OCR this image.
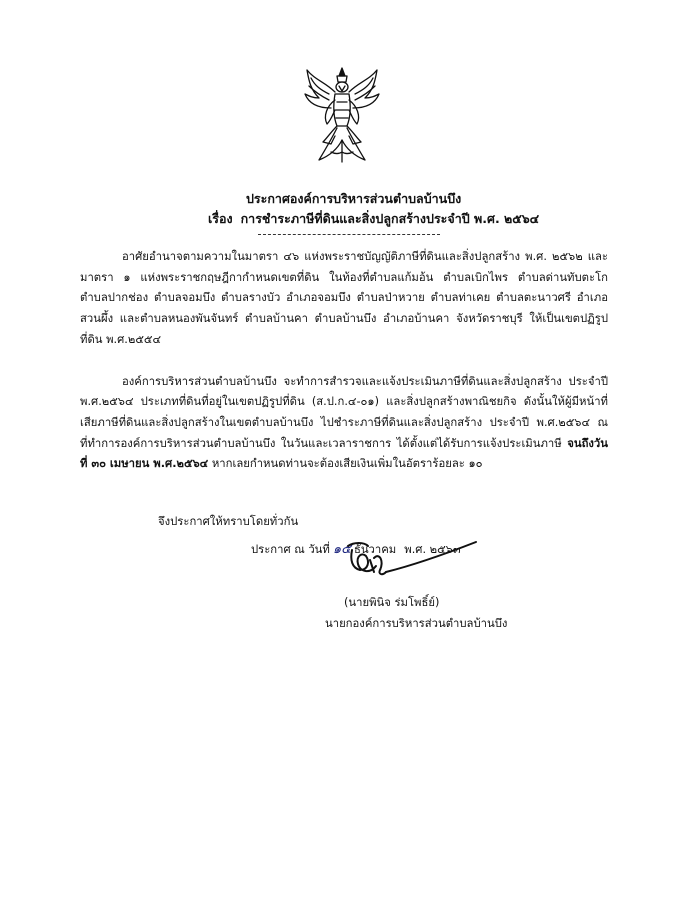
ประกาศองค์การบริหารส่วนตำบลบ้านบึง
เรื่อง การชำระภาษีที่ดินและสิ่งปลูกสร้างประจำปี พ.ศ. ๒๕๖๔

อาศัยอำนาจตามความในมาตรา ๔๖ แห่งพระราชบัญญัติภาษีที่ดินและสิ่งปลูกสร้าง พ.ศ. ๒๕๖๒ และมาตรา ๑ แห่งพระราชกฤษฎีกากำหนดเขตที่ดิน ในท้องที่ตำบลแก้มอ้น ตำบลเบิกไพร ตำบลด่านทับตะโก ตำบลปากช่อง ตำบลจอมบึง ตำบลรางบัว อำเภอจอมบึง ตำบลป่าหวาย ตำบลท่าเคย ตำบลตะนาวศรี อำเภอสวนผึ้ง และตำบลหนองพันจันทร์ ตำบลบ้านคา ตำบลบ้านบึง อำเภอบ้านคา จังหวัดราชบุรี ให้เป็นเขตปฏิรูปที่ดิน พ.ศ.๒๕๕๔

องค์การบริหารส่วนตำบลบ้านบึง จะทำการสำรวจและแจ้งประเมินภาษีที่ดินและสิ่งปลูกสร้าง ประจำปี พ.ศ.๒๕๖๔ ประเภทที่ดินที่อยู่ในเขตปฏิรูปที่ดิน (ส.ป.ก.๔-๐๑) และสิ่งปลูกสร้างพาณิชยกิจ ดังนั้นให้ผู้มีหน้าที่เสียภาษีที่ดินและสิ่งปลูกสร้างในเขตตำบลบ้านบึง ไปชำระภาษีที่ดินและสิ่งปลูกสร้าง ประจำปี พ.ศ.๒๕๖๔ ณ ที่ทำการองค์การบริหารส่วนตำบลบ้านบึง ในวันและเวลาราชการ ได้ตั้งแต่ได้รับการแจ้งประเมินภาษี จนถึงวันที่ ๓๐ เมษายน พ.ศ.๒๕๖๔ หากเลยกำหนดท่านจะต้องเสียเงินเพิ่มในอัตราร้อยละ ๑๐

จึงประกาศให้ทราบโดยทั่วกัน
ประกาศ ณ วันที่ ๑๕ ธันวาคม พ.ศ. ๒๕๖๓
(นายพินิจ ร่มโพธิ์ย์)
นายกองค์การบริหารส่วนตำบลบ้านบึง
